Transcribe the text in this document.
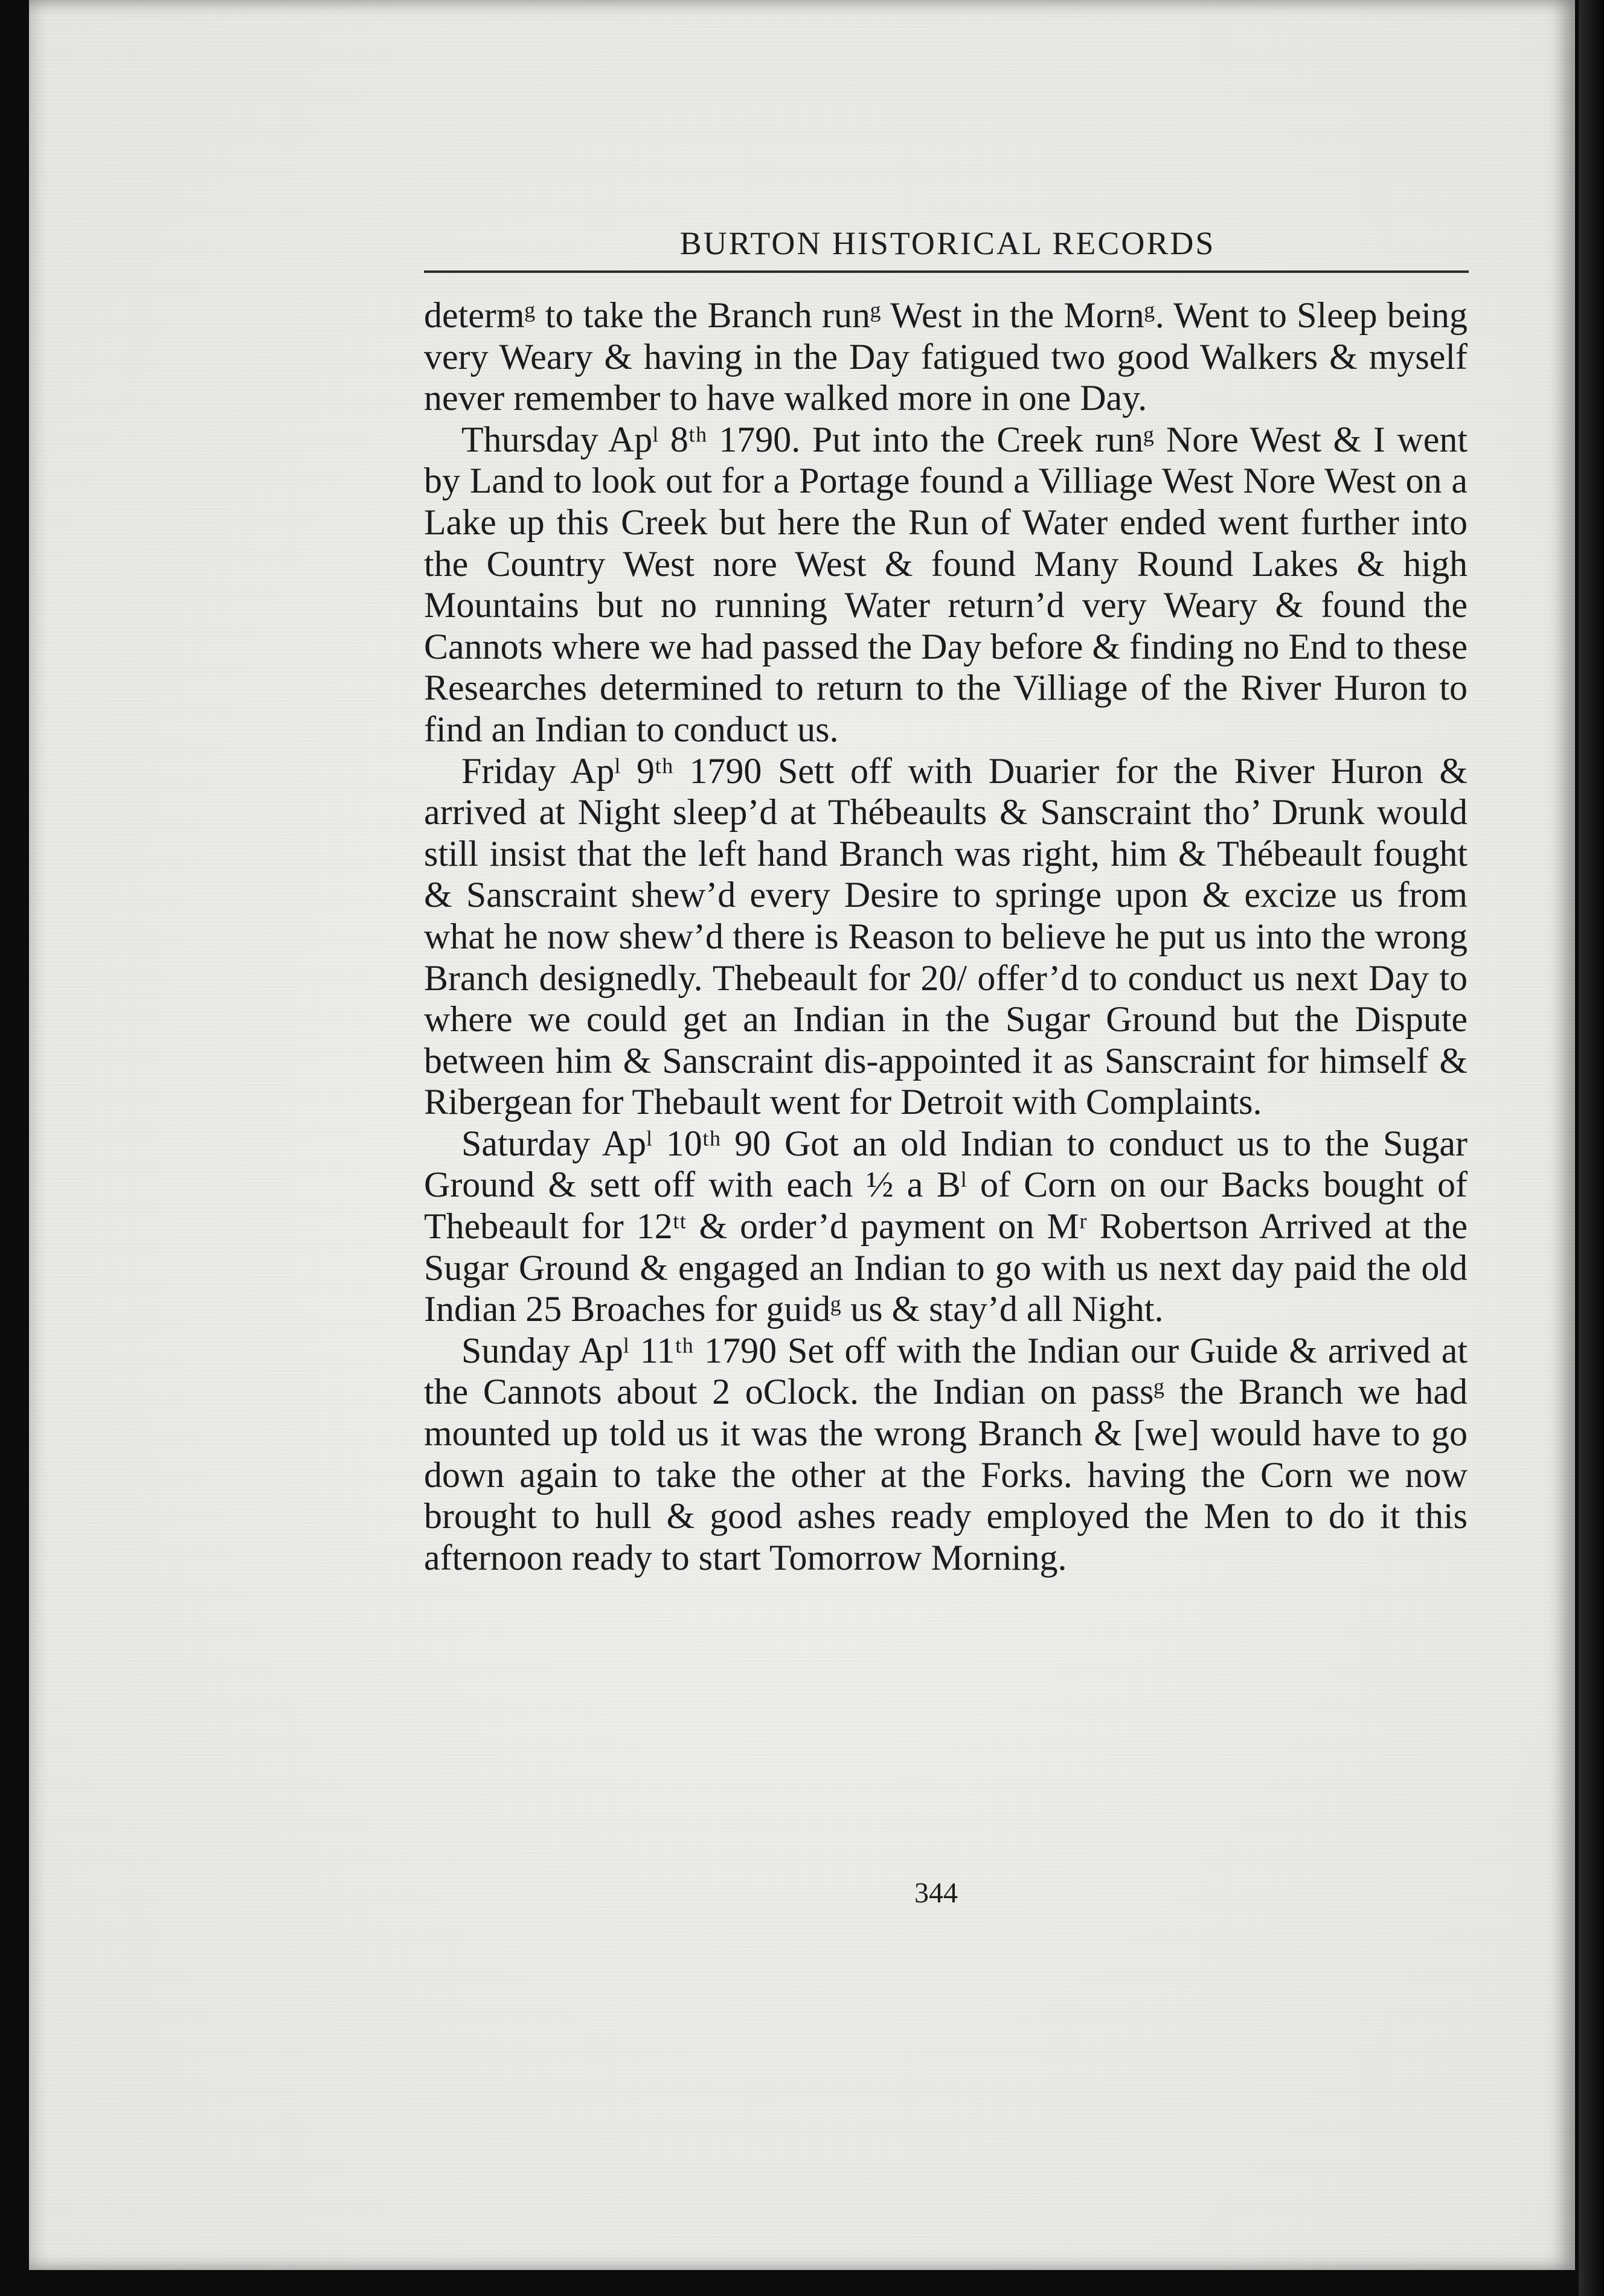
BURTON HISTORICAL RECORDS

determᵍ to take the Branch runᵍ West in the Mornᵍ. Went to Sleep being very Weary & having in the Day fatigued two good Walkers & myself never remember to have walked more in one Day.

Thursday Apˡ 8ᵗʰ 1790. Put into the Creek runᵍ Nore West & I went by Land to look out for a Portage found a Villiage West Nore West on a Lake up this Creek but here the Run of Water ended went further into the Country West nore West & found Many Round Lakes & high Mountains but no running Water return’d very Weary & found the Cannots where we had passed the Day before & finding no End to these Researches determined to return to the Villiage of the River Huron to find an Indian to conduct us.

Friday Apˡ 9ᵗʰ 1790 Sett off with Duarier for the River Huron & arrived at Night sleep’d at Thébeaults & Sanscraint tho’ Drunk would still insist that the left hand Branch was right, him & Thébeault fought & Sanscraint shew’d every Desire to springe upon & excize us from what he now shew’d there is Reason to believe he put us into the wrong Branch designedly. Thebeault for 20/ offer’d to conduct us next Day to where we could get an Indian in the Sugar Ground but the Dispute between him & Sanscraint dis-appointed it as Sanscraint for himself & Ribergean for Thebault went for Detroit with Complaints.

Saturday Apˡ 10ᵗʰ 90 Got an old Indian to conduct us to the Sugar Ground & sett off with each ½ a Bˡ of Corn on our Backs bought of Thebeault for 12ᵗᵗ & order’d payment on Mʳ Robertson Arrived at the Sugar Ground & engaged an Indian to go with us next day paid the old Indian 25 Broaches for guidᵍ us & stay’d all Night.

Sunday Apˡ 11ᵗʰ 1790 Set off with the Indian our Guide & arrived at the Cannots about 2 oClock. the Indian on passᵍ the Branch we had mounted up told us it was the wrong Branch & [we] would have to go down again to take the other at the Forks. having the Corn we now brought to hull & good ashes ready employed the Men to do it this afternoon ready to start Tomorrow Morning.

344
